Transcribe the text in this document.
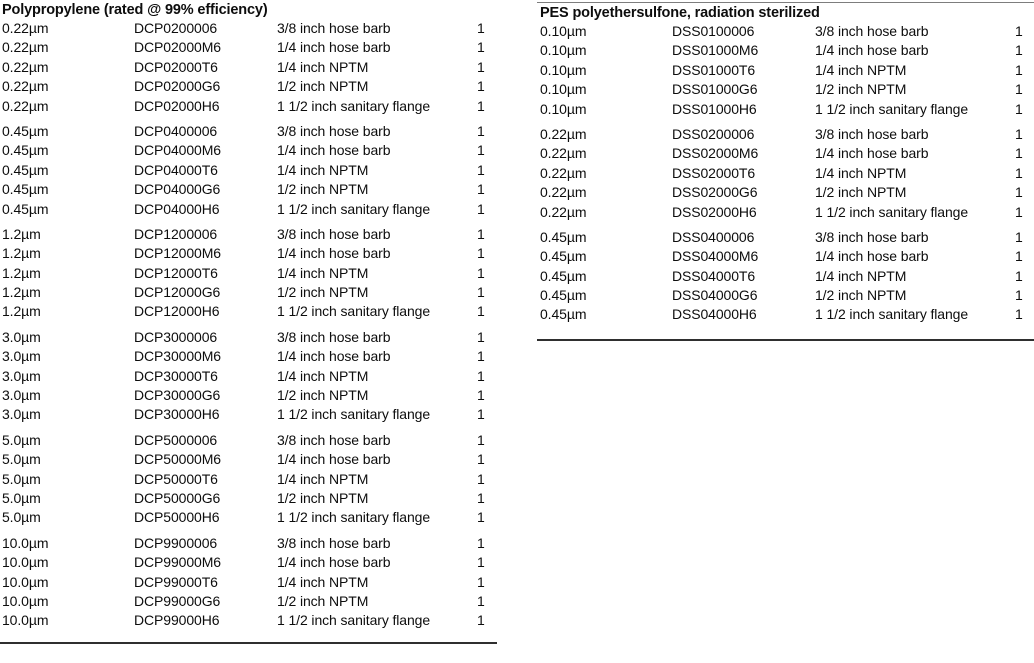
Polypropylene (rated @ 99% efficiency)
0.22µm	DCP0200006	3/8 inch hose barb	1
0.22µm	DCP02000M6	1/4 inch hose barb	1
0.22µm	DCP02000T6	1/4 inch NPTM	1
0.22µm	DCP02000G6	1/2 inch NPTM	1
0.22µm	DCP02000H6	1 1/2 inch sanitary flange	1
0.45µm	DCP0400006	3/8 inch hose barb	1
0.45µm	DCP04000M6	1/4 inch hose barb	1
0.45µm	DCP04000T6	1/4 inch NPTM	1
0.45µm	DCP04000G6	1/2 inch NPTM	1
0.45µm	DCP04000H6	1 1/2 inch sanitary flange	1
1.2µm	DCP1200006	3/8 inch hose barb	1
1.2µm	DCP12000M6	1/4 inch hose barb	1
1.2µm	DCP12000T6	1/4 inch NPTM	1
1.2µm	DCP12000G6	1/2 inch NPTM	1
1.2µm	DCP12000H6	1 1/2 inch sanitary flange	1
3.0µm	DCP3000006	3/8 inch hose barb	1
3.0µm	DCP30000M6	1/4 inch hose barb	1
3.0µm	DCP30000T6	1/4 inch NPTM	1
3.0µm	DCP30000G6	1/2 inch NPTM	1
3.0µm	DCP30000H6	1 1/2 inch sanitary flange	1
5.0µm	DCP5000006	3/8 inch hose barb	1
5.0µm	DCP50000M6	1/4 inch hose barb	1
5.0µm	DCP50000T6	1/4 inch NPTM	1
5.0µm	DCP50000G6	1/2 inch NPTM	1
5.0µm	DCP50000H6	1 1/2 inch sanitary flange	1
10.0µm	DCP9900006	3/8 inch hose barb	1
10.0µm	DCP99000M6	1/4 inch hose barb	1
10.0µm	DCP99000T6	1/4 inch NPTM	1
10.0µm	DCP99000G6	1/2 inch NPTM	1
10.0µm	DCP99000H6	1 1/2 inch sanitary flange	1
PES polyethersulfone, radiation sterilized
0.10µm	DSS0100006	3/8 inch hose barb	1
0.10µm	DSS01000M6	1/4 inch hose barb	1
0.10µm	DSS01000T6	1/4 inch NPTM	1
0.10µm	DSS01000G6	1/2 inch NPTM	1
0.10µm	DSS01000H6	1 1/2 inch sanitary flange	1
0.22µm	DSS0200006	3/8 inch hose barb	1
0.22µm	DSS02000M6	1/4 inch hose barb	1
0.22µm	DSS02000T6	1/4 inch NPTM	1
0.22µm	DSS02000G6	1/2 inch NPTM	1
0.22µm	DSS02000H6	1 1/2 inch sanitary flange	1
0.45µm	DSS0400006	3/8 inch hose barb	1
0.45µm	DSS04000M6	1/4 inch hose barb	1
0.45µm	DSS04000T6	1/4 inch NPTM	1
0.45µm	DSS04000G6	1/2 inch NPTM	1
0.45µm	DSS04000H6	1 1/2 inch sanitary flange	1
